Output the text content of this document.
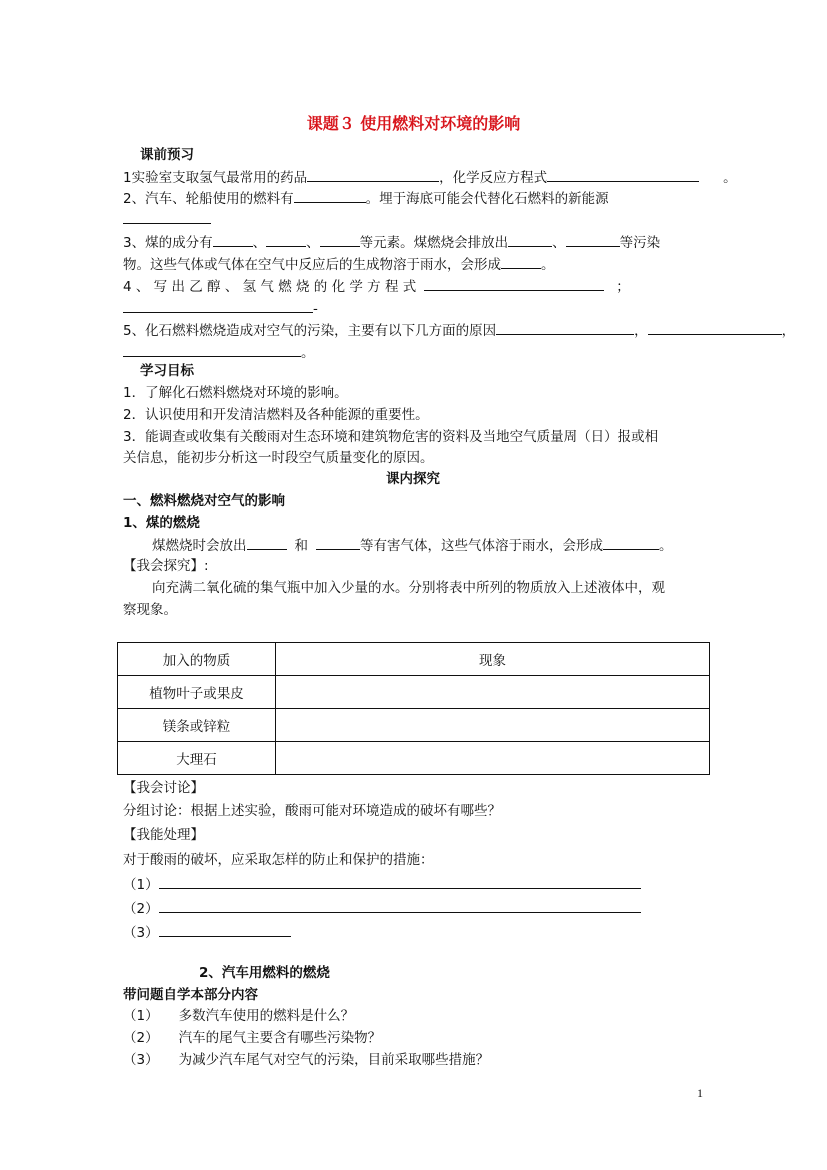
课题３ 使用燃料对环境的影响
课前预习
1实验室支取氢气最常用的药品	，化学反应方程式	。
2、汽车、轮船使用的燃料有	。埋于海底可能会代替化石燃料的新能源
3、煤的成分有	、	、	等元素。煤燃烧会排放出	、	等污染
物。这些气体或气体在空气中反应后的生成物溶于雨水，会形成	。
4 、 写 出 乙 醇 、 氢 气 燃 烧 的 化 学 方 程 式	；
-
5、化石燃料燃烧造成对空气的污染，主要有以下几方面的原因	，	，
。
学习目标
1．了解化石燃料燃烧对环境的影响。
2．认识使用和开发清洁燃料及各种能源的重要性。
3．能调查或收集有关酸雨对生态环境和建筑物危害的资料及当地空气质量周（日）报或相
关信息，能初步分析这一时段空气质量变化的原因。
课内探究
一、燃料燃烧对空气的影响
1、煤的燃烧
煤燃烧时会放出	和	等有害气体，这些气体溶于雨水，会形成	。
【我会探究】:
向充满二氧化硫的集气瓶中加入少量的水。分别将表中所列的物质放入上述液体中，观
察现象。
加入的物质	现象
植物叶子或果皮	
镁条或锌粒	
大理石	
【我会讨论】
分组讨论：根据上述实验，酸雨可能对环境造成的破坏有哪些？
【我能处理】
对于酸雨的破坏，应采取怎样的防止和保护的措施：
（1）
（2）
（3）
2、汽车用燃料的燃烧
带问题自学本部分内容
（1） 多数汽车使用的燃料是什么？
（2） 汽车的尾气主要含有哪些污染物？
（3） 为减少汽车尾气对空气的污染，目前采取哪些措施？
1
